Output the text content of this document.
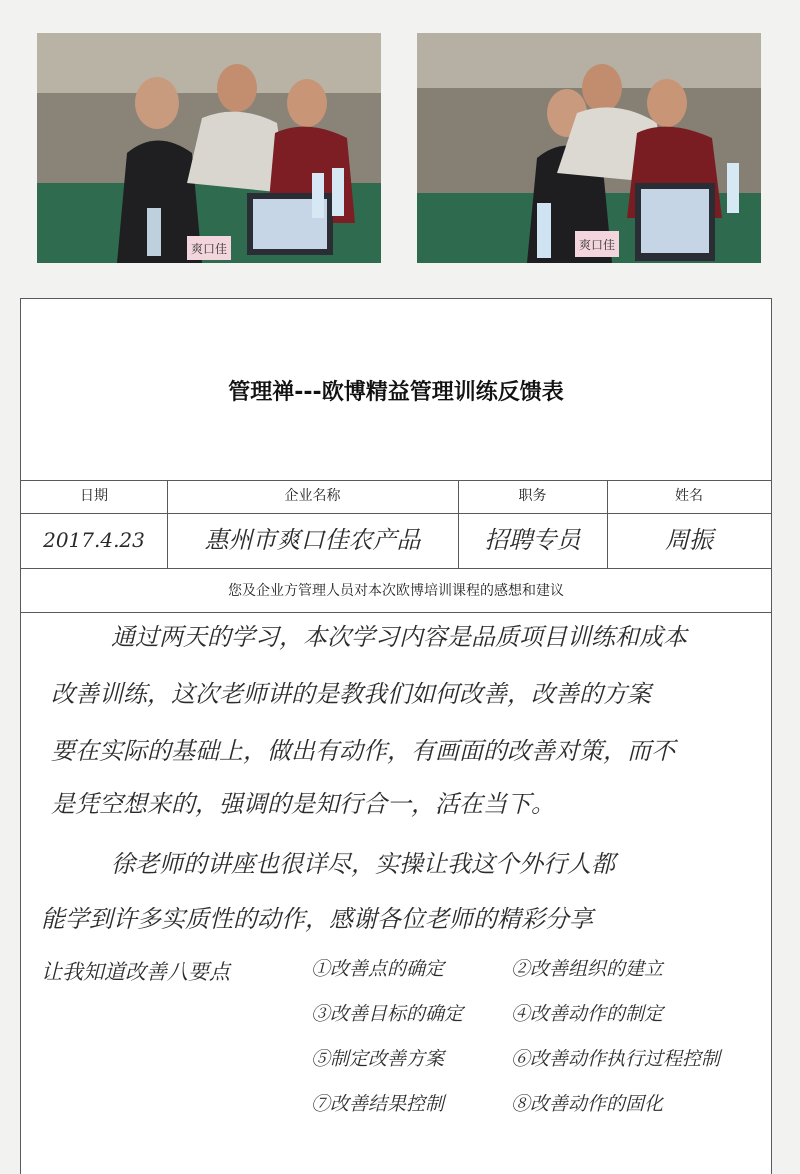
爽口佳	爽口佳
管理禅---欧博精益管理训练反馈表
日期	企业名称	职务	姓名
2017.4.23	惠州市爽口佳农产品	招聘专员	周振
您及企业方管理人员对本次欧博培训课程的感想和建议
通过两天的学习，本次学习内容是品质项目训练和成本
改善训练，这次老师讲的是教我们如何改善，改善的方案
要在实际的基础上，做出有动作，有画面的改善对策，而不
是凭空想来的，强调的是知行合一，活在当下。
徐老师的讲座也很详尽，实操让我这个外行人都
能学到许多实质性的动作，感谢各位老师的精彩分享
让我知道改善八要点	①改善点的确定	②改善组织的建立
③改善目标的确定	④改善动作的制定
⑤制定改善方案	⑥改善动作执行过程控制
⑦改善结果控制	⑧改善动作的固化
